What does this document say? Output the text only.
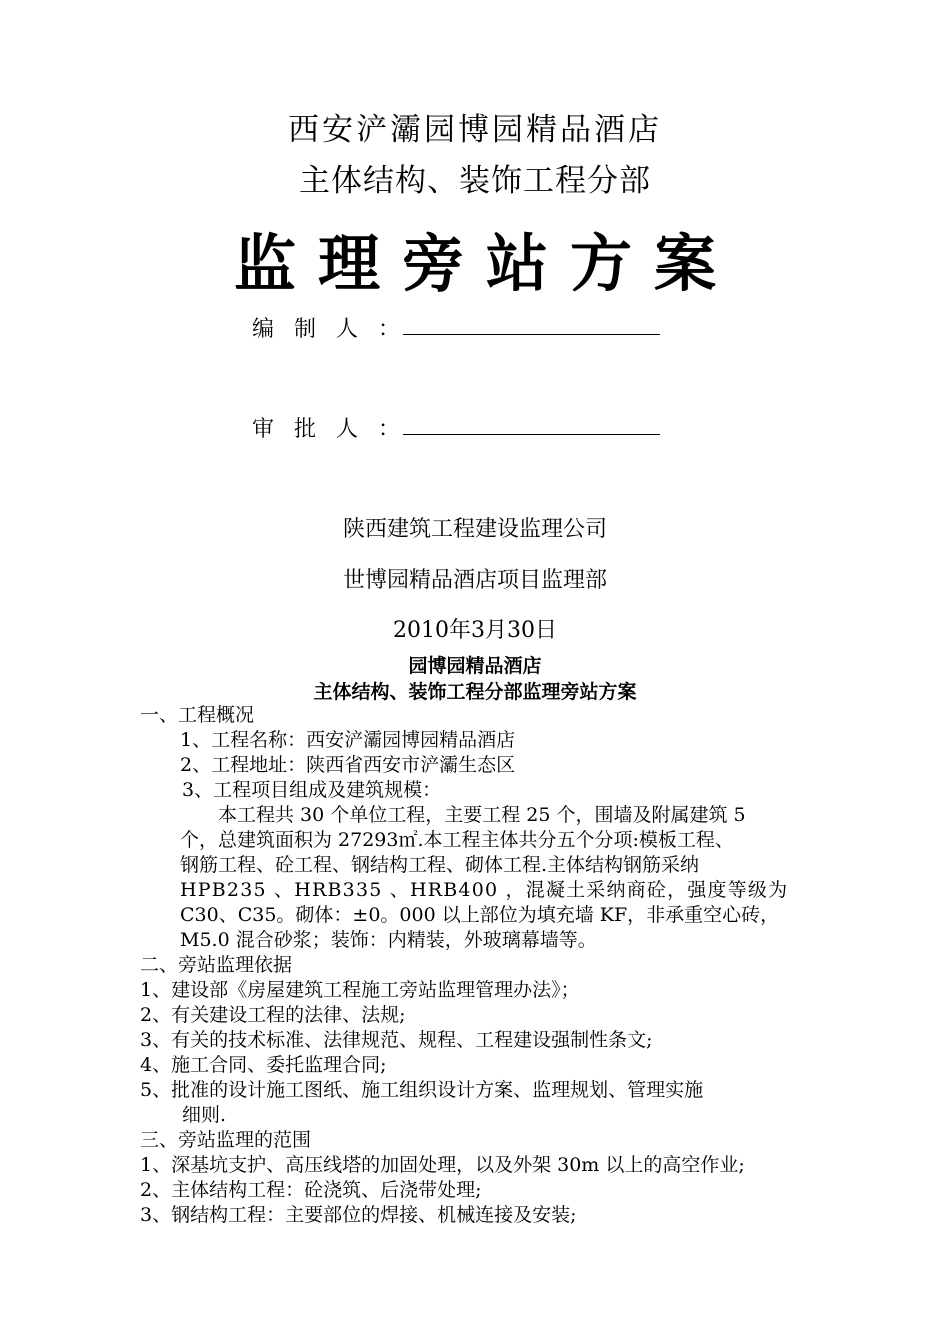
西安浐灞园博园精品酒店
主体结构、装饰工程分部
监理旁站方案
编制人：
审批人：
陕西建筑工程建设监理公司
世博园精品酒店项目监理部
2010年3月30日
园博园精品酒店
主体结构、装饰工程分部监理旁站方案
一、工程概况
1、工程名称：西安浐灞园博园精品酒店
2、工程地址：陕西省西安市浐灞生态区
3、工程项目组成及建筑规模：
本工程共 30 个单位工程，主要工程 25 个，围墙及附属建筑 5
个，总建筑面积为 27293㎡.本工程主体共分五个分项:模板工程、
钢筋工程、砼工程、钢结构工程、砌体工程.主体结构钢筋采纳
HPB235 、HRB335 、HRB400 ，混凝土采纳商砼，强度等级为
C30、C35。砌体：±0。000 以上部位为填充墙 KF，非承重空心砖，
M5.0 混合砂浆；装饰：内精装，外玻璃幕墙等。
二、旁站监理依据
1、建设部《房屋建筑工程施工旁站监理管理办法》；
2、有关建设工程的法律、法规;
3、有关的技术标准、法律规范、规程、工程建设强制性条文;
4、施工合同、委托监理合同;
5、批准的设计施工图纸、施工组织设计方案、监理规划、管理实施
细则.
三、旁站监理的范围
1、深基坑支护、高压线塔的加固处理，以及外架 30m 以上的高空作业;
2、主体结构工程：砼浇筑、后浇带处理;
3、钢结构工程：主要部位的焊接、机械连接及安装;
